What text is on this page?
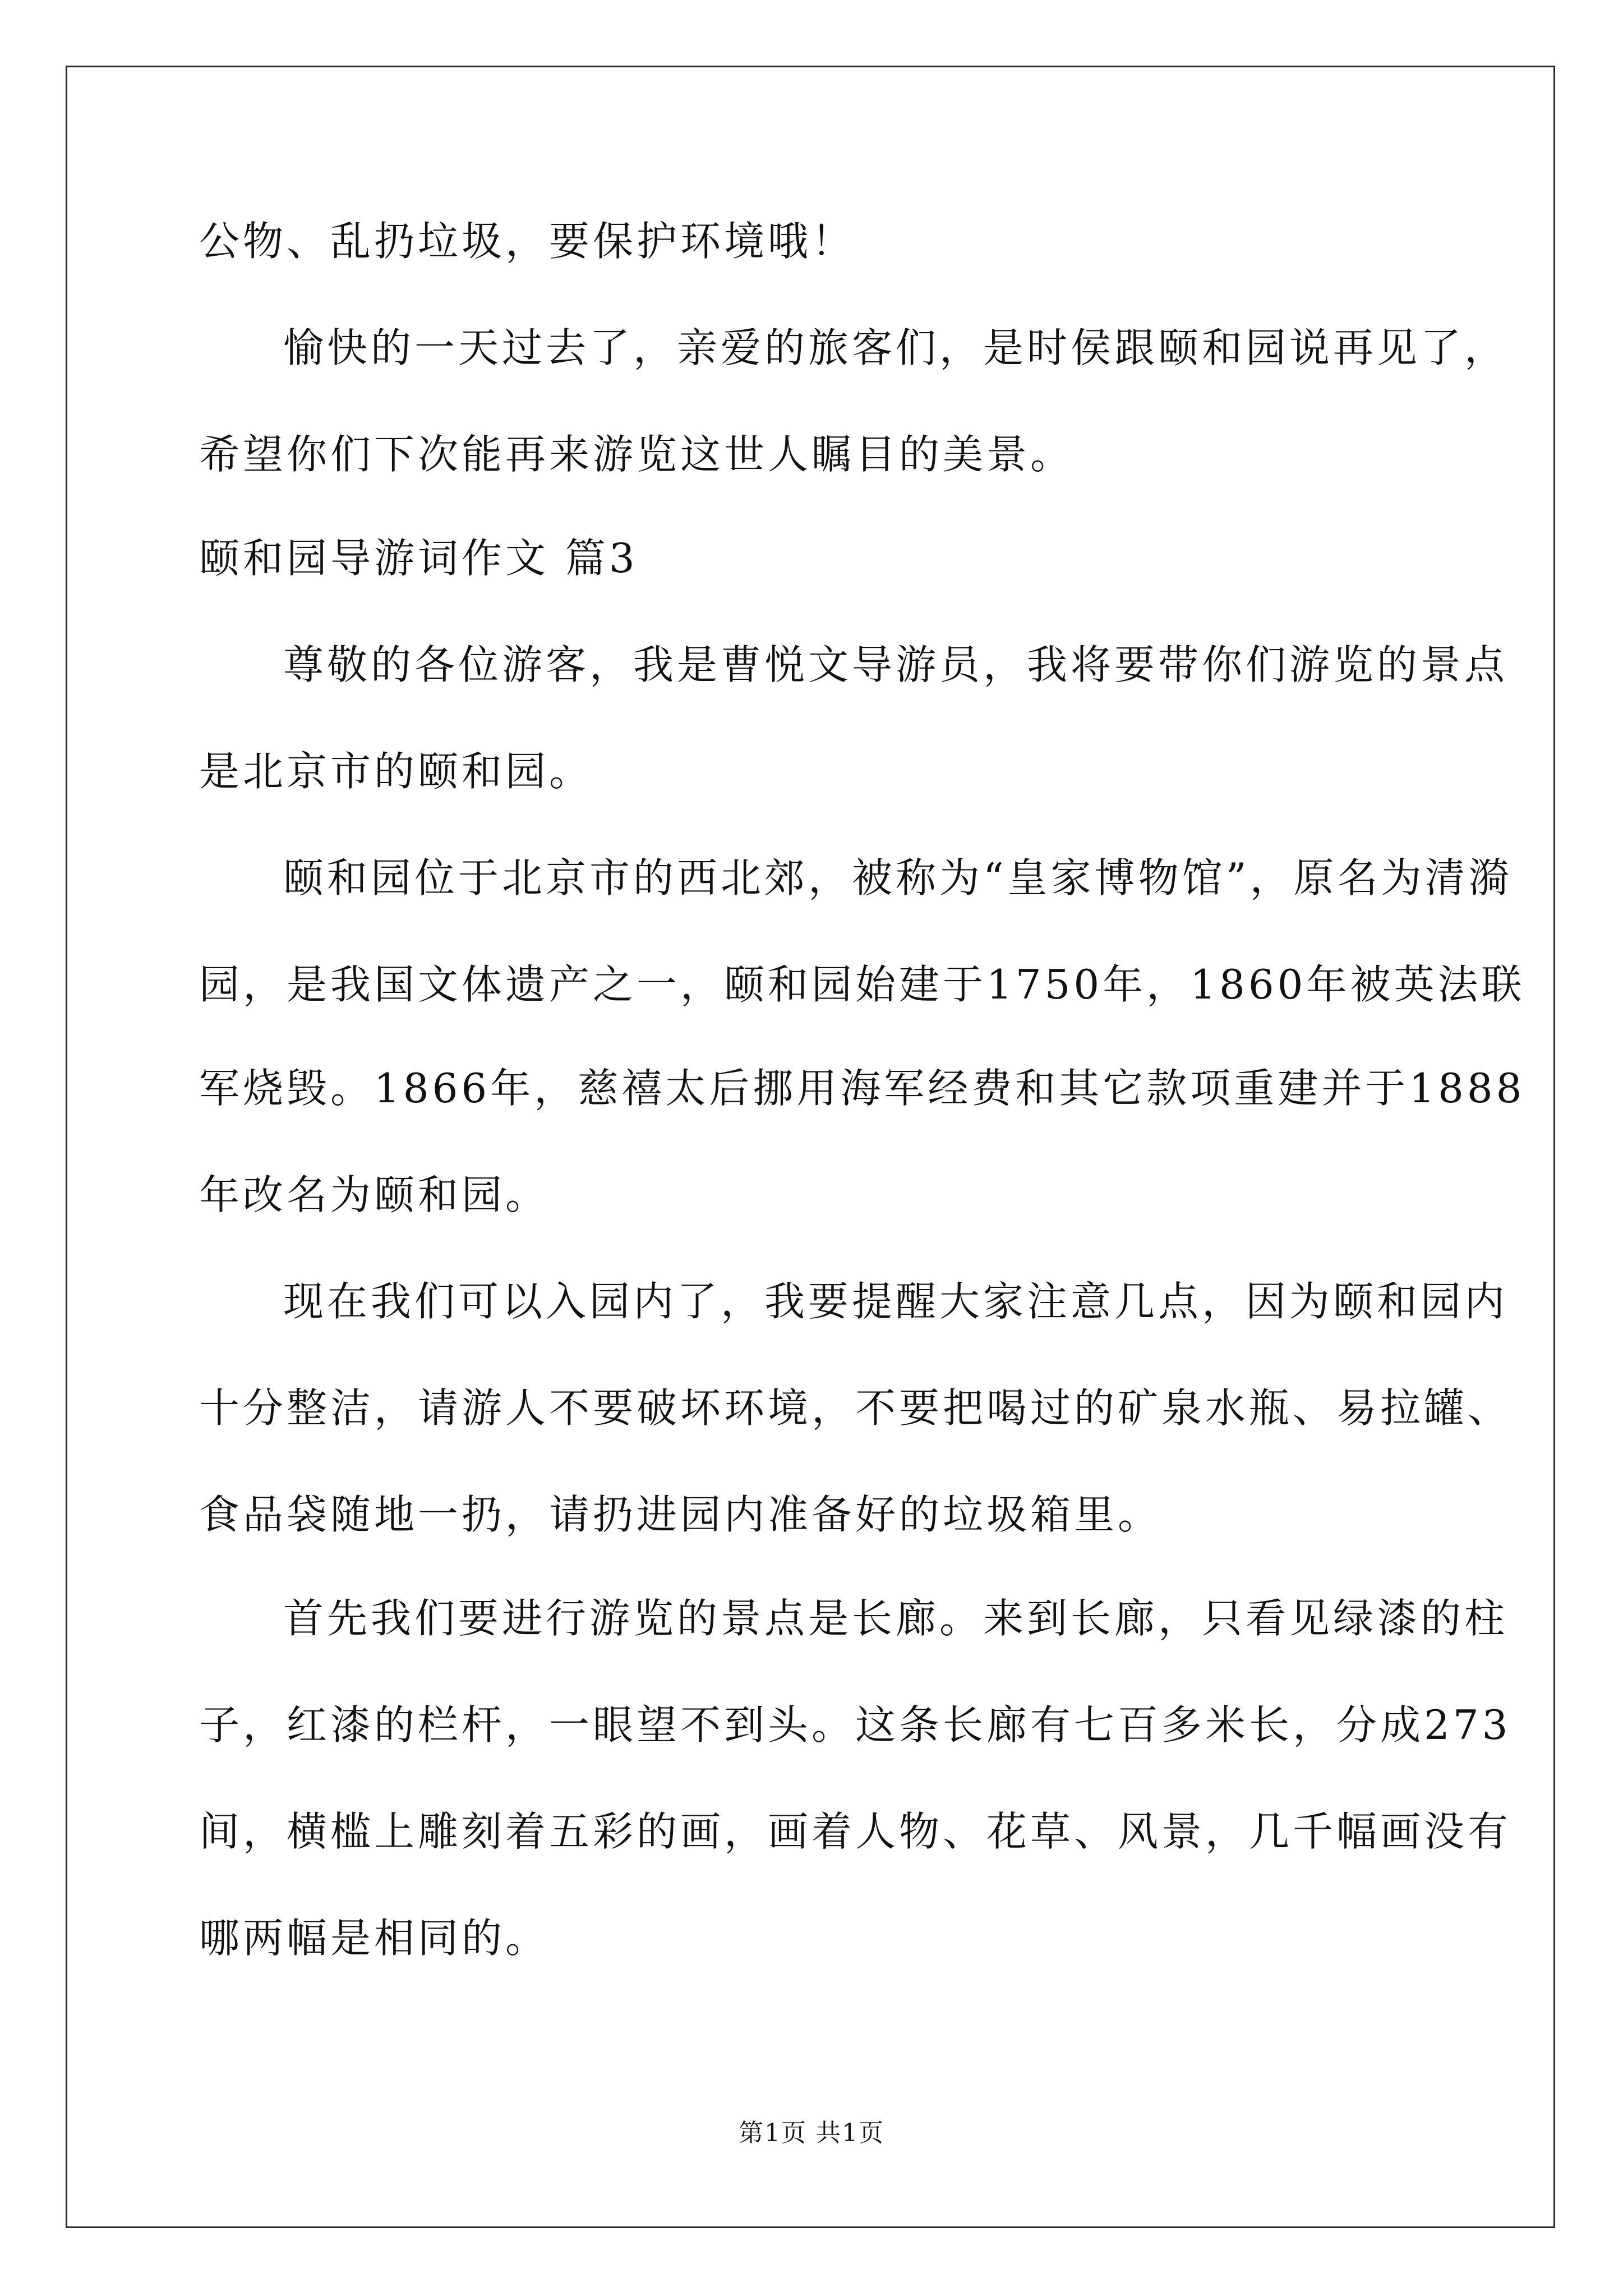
公物、乱扔垃圾，要保护环境哦！
愉快的一天过去了，亲爱的旅客们，是时侯跟颐和园说再见了，
希望你们下次能再来游览这世人瞩目的美景。
颐和园导游词作文 篇3
尊敬的各位游客，我是曹悦文导游员，我将要带你们游览的景点
是北京市的颐和园。
颐和园位于北京市的西北郊，被称为“皇家博物馆”，原名为清漪
园，是我国文体遗产之一，颐和园始建于1750年，1860年被英法联
军烧毁。1866年，慈禧太后挪用海军经费和其它款项重建并于1888
年改名为颐和园。
现在我们可以入园内了，我要提醒大家注意几点，因为颐和园内
十分整洁，请游人不要破坏环境，不要把喝过的矿泉水瓶、易拉罐、
食品袋随地一扔，请扔进园内准备好的垃圾箱里。
首先我们要进行游览的景点是长廊。来到长廊，只看见绿漆的柱
子，红漆的栏杆，一眼望不到头。这条长廊有七百多米长，分成273
间，横槛上雕刻着五彩的画，画着人物、花草、风景，几千幅画没有
哪两幅是相同的。
第1页 共1页
